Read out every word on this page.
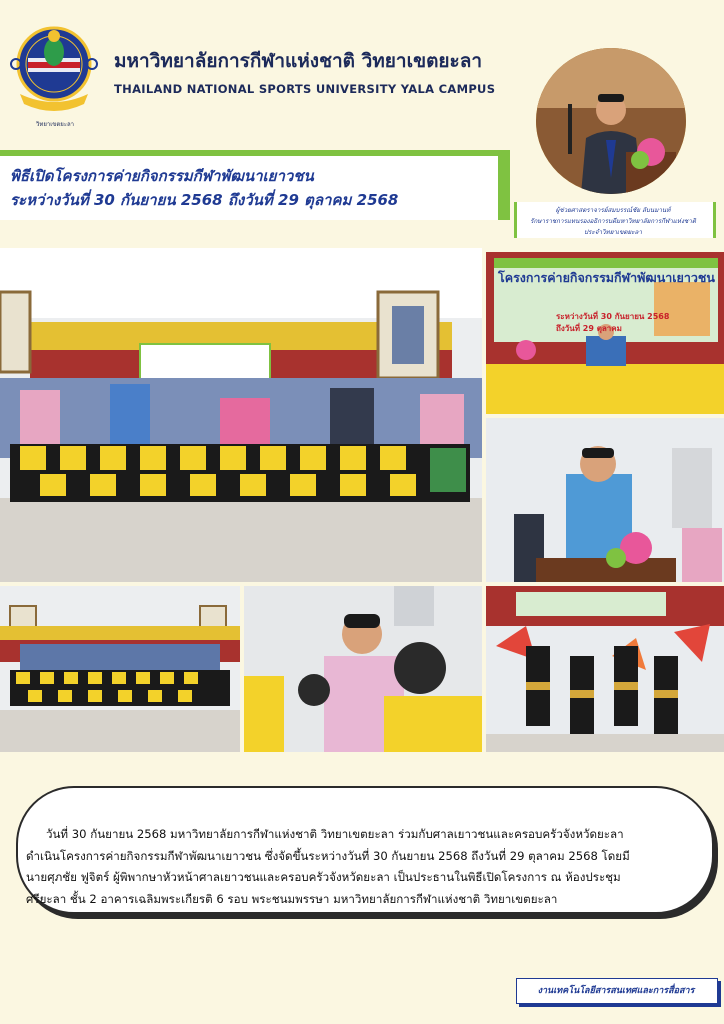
วิทยาเขตยะลา
มหาวิทยาลัยการกีฬาแห่งชาติ วิทยาเขตยะลา
THAILAND NATIONAL SPORTS UNIVERSITY YALA CAMPUS
พิธีเปิดโครงการค่ายกิจกรรมกีฬาพัฒนาเยาวชน
ระหว่างวันที่ 30 กันยายน 2568 ถึงวันที่ 29 ตุลาคม 2568
ผู้ช่วยศาสตราจารย์สมบรรณ์ชัย ลับนมานท์
รักษาราชการแทนรองอธิการบดีมหาวิทยาลัยการกีฬาแห่งชาติ
ประจำวิทยาเขตยะลา
โครงการค่ายกิจกรรมกีฬาพัฒนาเยาวชน
ระหว่างวันที่ 30 กันยายน 2568
ถึงวันที่ 29 ตุลาคม
วันที่ 30 กันยายน 2568 มหาวิทยาลัยการกีฬาแห่งชาติ วิทยาเขตยะลา ร่วมกับศาลเยาวชนและครอบครัวจังหวัดยะลา
ดำเนินโครงการค่ายกิจกรรมกีฬาพัฒนาเยาวชน ซึ่งจัดขึ้นระหว่างวันที่ 30 กันยายน 2568 ถึงวันที่ 29 ตุลาคม 2568 โดยมี
นายศุภชัย ฟูจิตร์ ผู้พิพากษาหัวหน้าศาลเยาวชนและครอบครัวจังหวัดยะลา เป็นประธานในพิธีเปิดโครงการ ณ ห้องประชุม
ศรียะลา ชั้น 2 อาคารเฉลิมพระเกียรติ 6 รอบ พระชนมพรรษา มหาวิทยาลัยการกีฬาแห่งชาติ วิทยาเขตยะลา
งานเทคโนโลยีสารสนเทศและการสื่อสาร
